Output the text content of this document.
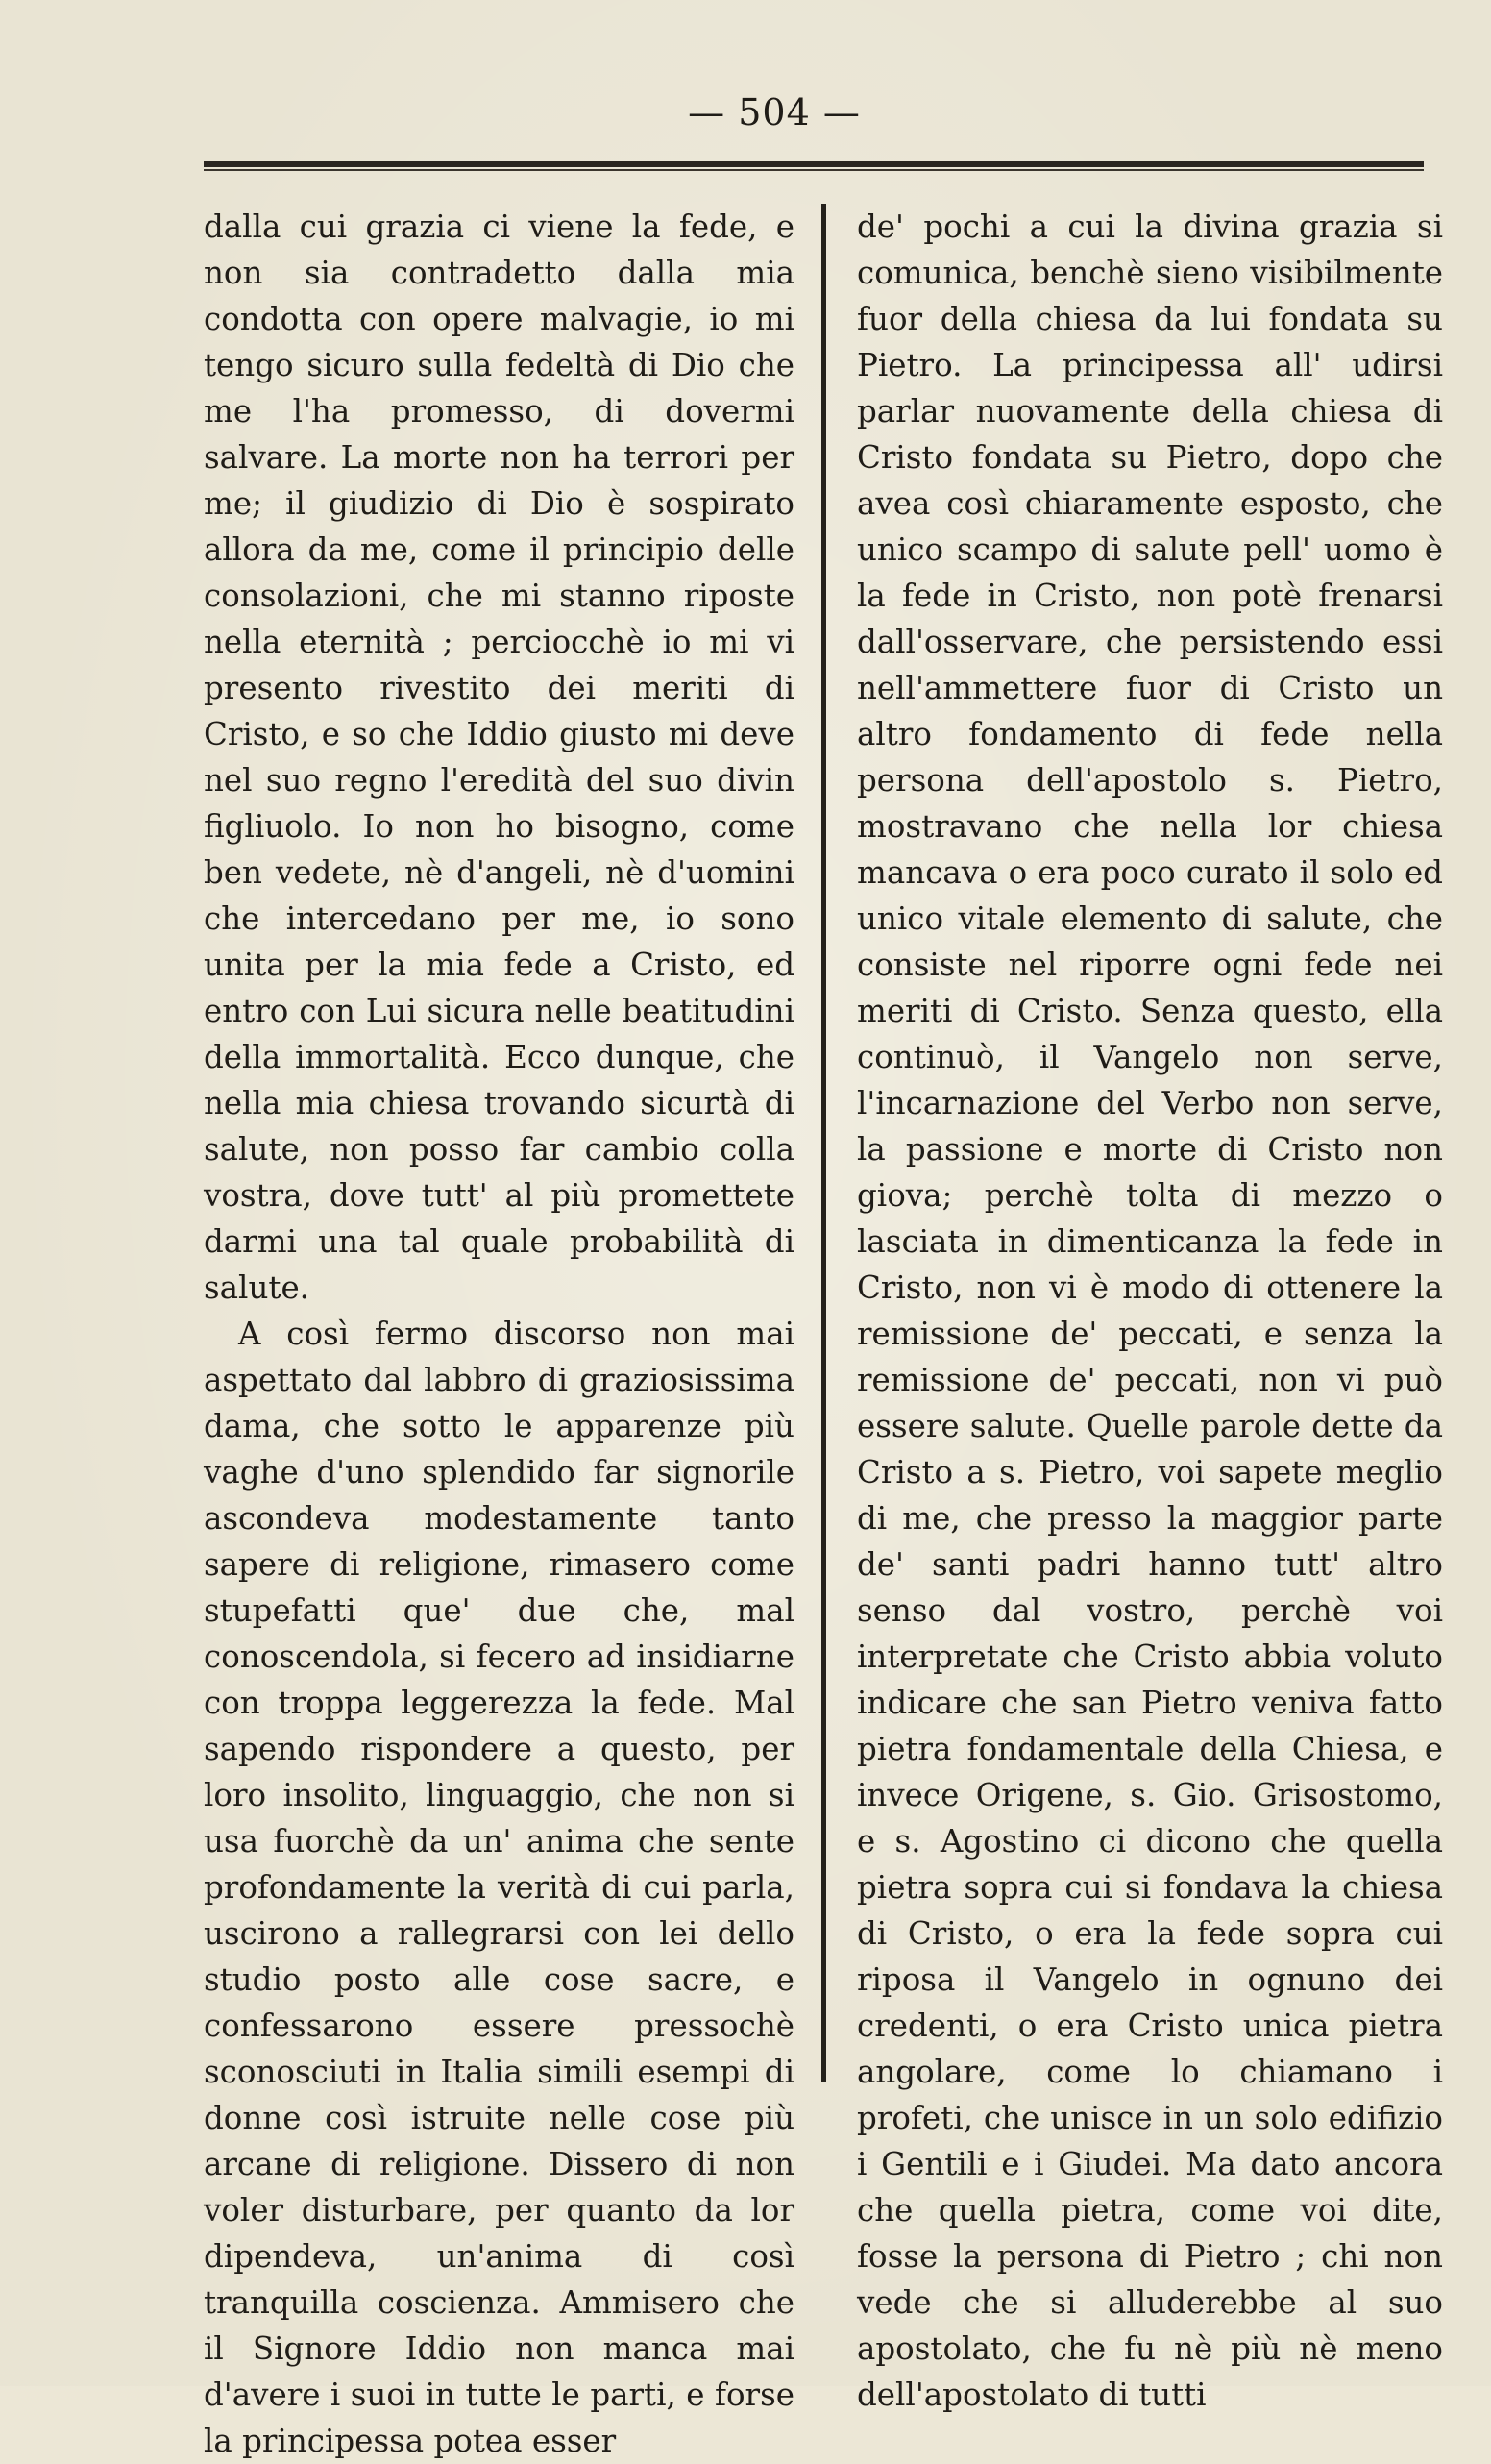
— 504 —

dalla cui grazia ci viene la fede, e non sia contradetto dalla mia condotta con opere malvagie, io mi tengo sicuro sulla fedeltà di Dio che me l'ha promesso, di dovermi salvare. La morte non ha terrori per me; il giudizio di Dio è sospirato allora da me, come il principio delle consolazioni, che mi stanno riposte nella eternità ; perciocchè io mi vi presento rivestito dei meriti di Cristo, e so che Iddio giusto mi deve nel suo regno l'eredità del suo divin figliuolo. Io non ho bisogno, come ben vedete, nè d'angeli, nè d'uomini che intercedano per me, io sono unita per la mia fede a Cristo, ed entro con Lui sicura nelle beatitudini della immortalità. Ecco dunque, che nella mia chiesa trovando sicurtà di salute, non posso far cambio colla vostra, dove tutt' al più promettete darmi una tal quale probabilità di salute.

A così fermo discorso non mai aspettato dal labbro di graziosissima dama, che sotto le apparenze più vaghe d'uno splendido far signorile ascondeva modestamente tanto sapere di religione, rimasero come stupefatti que' due che, mal conoscendola, si fecero ad insidiarne con troppa leggerezza la fede. Mal sapendo rispondere a questo, per loro insolito, linguaggio, che non si usa fuorchè da un' anima che sente profondamente la verità di cui parla, uscirono a rallegrarsi con lei dello studio posto alle cose sacre, e confessarono essere pressochè sconosciuti in Italia simili esempi di donne così istruite nelle cose più arcane di religione. Dissero di non voler disturbare, per quanto da lor dipendeva, un'anima di così tranquilla coscienza. Ammisero che il Signore Iddio non manca mai d'avere i suoi in tutte le parti, e forse la principessa potea esser

de' pochi a cui la divina grazia si comunica, benchè sieno visibilmente fuor della chiesa da lui fondata su Pietro. La principessa all' udirsi parlar nuovamente della chiesa di Cristo fondata su Pietro, dopo che avea così chiaramente esposto, che unico scampo di salute pell' uomo è la fede in Cristo, non potè frenarsi dall'osservare, che persistendo essi nell'ammettere fuor di Cristo un altro fondamento di fede nella persona dell'apostolo s. Pietro, mostravano che nella lor chiesa mancava o era poco curato il solo ed unico vitale elemento di salute, che consiste nel riporre ogni fede nei meriti di Cristo. Senza questo, ella continuò, il Vangelo non serve, l'incarnazione del Verbo non serve, la passione e morte di Cristo non giova; perchè tolta di mezzo o lasciata in dimenticanza la fede in Cristo, non vi è modo di ottenere la remissione de' peccati, e senza la remissione de' peccati, non vi può essere salute. Quelle parole dette da Cristo a s. Pietro, voi sapete meglio di me, che presso la maggior parte de' santi padri hanno tutt' altro senso dal vostro, perchè voi interpretate che Cristo abbia voluto indicare che san Pietro veniva fatto pietra fondamentale della Chiesa, e invece Origene, s. Gio. Grisostomo, e s. Agostino ci dicono che quella pietra sopra cui si fondava la chiesa di Cristo, o era la fede sopra cui riposa il Vangelo in ognuno dei credenti, o era Cristo unica pietra angolare, come lo chiamano i profeti, che unisce in un solo edifizio i Gentili e i Giudei. Ma dato ancora che quella pietra, come voi dite, fosse la persona di Pietro ; chi non vede che si alluderebbe al suo apostolato, che fu nè più nè meno dell'apostolato di tutti
